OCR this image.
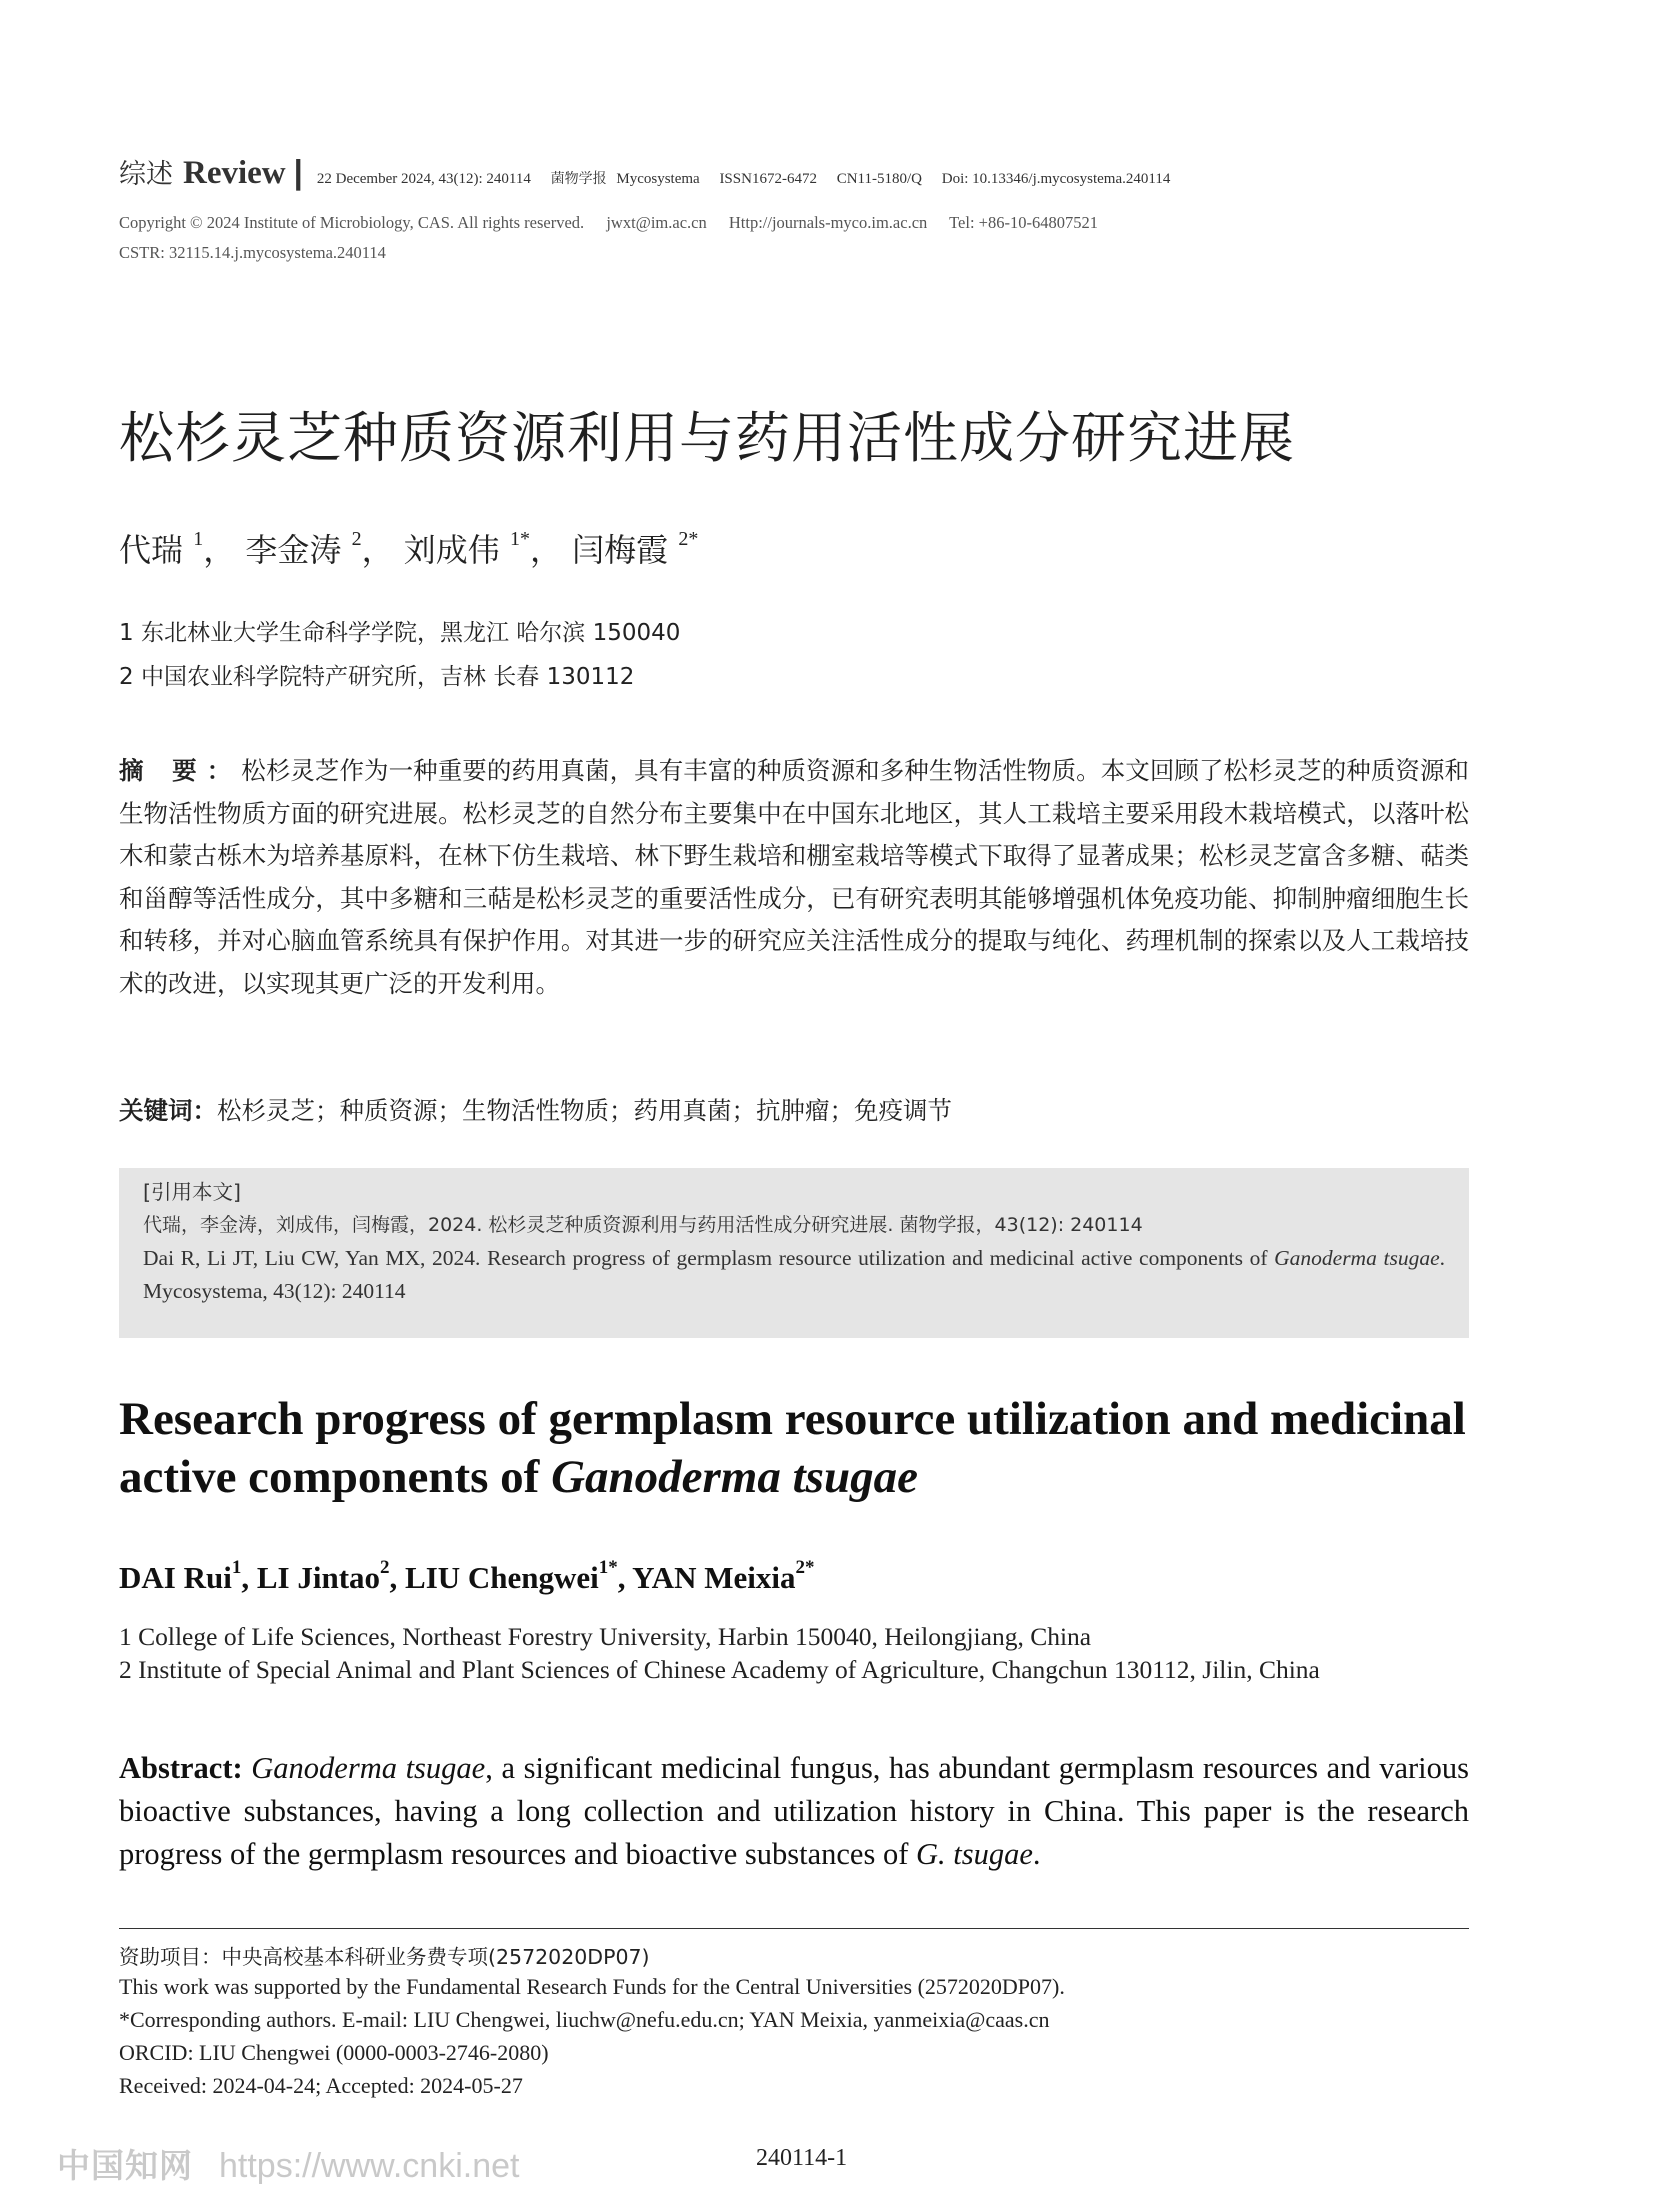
综述 Review | 22 December 2024, 43(12): 240114 菌物学报 Mycosystema ISSN1672-6472 CN11-5180/Q Doi: 10.13346/j.mycosystema.240114
Copyright © 2024 Institute of Microbiology, CAS. All rights reserved. jwxt@im.ac.cn Http://journals-myco.im.ac.cn Tel: +86-10-64807521
CSTR: 32115.14.j.mycosystema.240114
松杉灵芝种质资源利用与药用活性成分研究进展
代瑞 $^1$， 李金涛 $^2$， 刘成伟 $^{1*}$， 闫梅霞 $^{2*}$
1 东北林业大学生命科学学院，黑龙江 哈尔滨 150040
2 中国农业科学院特产研究所，吉林 长春 130112
摘 要：松杉灵芝作为一种重要的药用真菌，具有丰富的种质资源和多种生物活性物质。本文回顾了松杉灵芝的种质资源和生物活性物质方面的研究进展。松杉灵芝的自然分布主要集中在中国东北地区，其人工栽培主要采用段木栽培模式，以落叶松木和蒙古栎木为培养基原料，在林下仿生栽培、林下野生栽培和棚室栽培等模式下取得了显著成果；松杉灵芝富含多糖、萜类和甾醇等活性成分，其中多糖和三萜是松杉灵芝的重要活性成分，已有研究表明其能够增强机体免疫功能、抑制肿瘤细胞生长和转移，并对心脑血管系统具有保护作用。对其进一步的研究应关注活性成分的提取与纯化、药理机制的探索以及人工栽培技术的改进，以实现其更广泛的开发利用。
关键词：松杉灵芝；种质资源；生物活性物质；药用真菌；抗肿瘤；免疫调节
[引用本文]
代瑞，李金涛，刘成伟，闫梅霞，2024. 松杉灵芝种质资源利用与药用活性成分研究进展. 菌物学报，43(12): 240114
Dai R, Li JT, Liu CW, Yan MX, 2024. Research progress of germplasm resource utilization and medicinal active components of Ganoderma tsugae. Mycosystema, 43(12): 240114
Research progress of germplasm resource utilization and medicinal active components of Ganoderma tsugae
DAI Rui$^1$, LI Jintao$^2$, LIU Chengwei$^{1*}$, YAN Meixia$^{2*}$
1 College of Life Sciences, Northeast Forestry University, Harbin 150040, Heilongjiang, China
2 Institute of Special Animal and Plant Sciences of Chinese Academy of Agriculture, Changchun 130112, Jilin, China
Abstract: Ganoderma tsugae, a significant medicinal fungus, has abundant germplasm resources and various bioactive substances, having a long collection and utilization history in China. This paper is the research progress of the germplasm resources and bioactive substances of G. tsugae.
资助项目：中央高校基本科研业务费专项(2572020DP07)
This work was supported by the Fundamental Research Funds for the Central Universities (2572020DP07).
*Corresponding authors. E-mail: LIU Chengwei, liuchw@nefu.edu.cn; YAN Meixia, yanmeixia@caas.cn
ORCID: LIU Chengwei (0000-0003-2746-2080)
Received: 2024-04-24; Accepted: 2024-05-27
中国知网 https://www.cnki.net	240114-1
